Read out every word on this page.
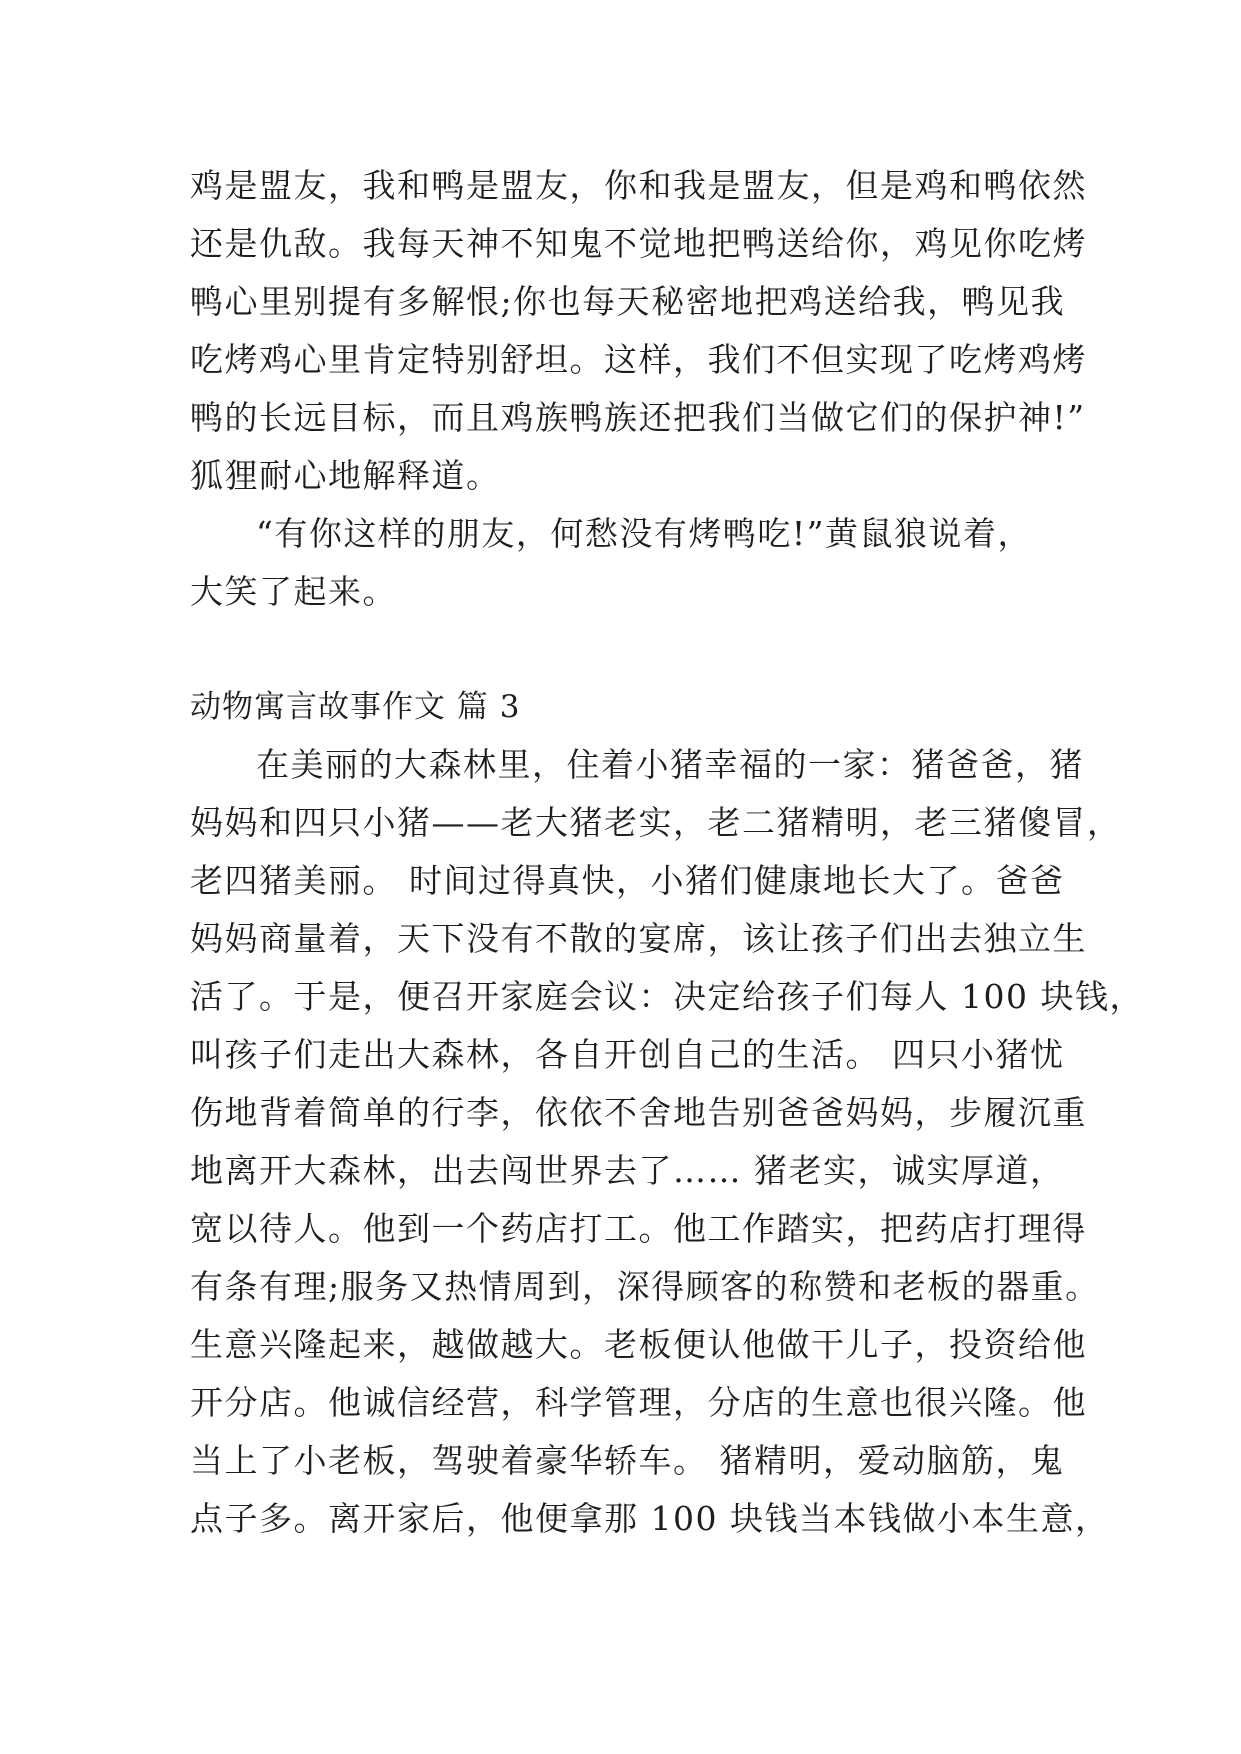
鸡是盟友，我和鸭是盟友，你和我是盟友，但是鸡和鸭依然
还是仇敌。我每天神不知鬼不觉地把鸭送给你，鸡见你吃烤
鸭心里别提有多解恨;你也每天秘密地把鸡送给我，鸭见我
吃烤鸡心里肯定特别舒坦。这样，我们不但实现了吃烤鸡烤
鸭的长远目标，而且鸡族鸭族还把我们当做它们的保护神!”
狐狸耐心地解释道。
“有你这样的朋友，何愁没有烤鸭吃!”黄鼠狼说着，
大笑了起来。
动物寓言故事作文 篇 3
在美丽的大森林里，住着小猪幸福的一家：猪爸爸，猪
妈妈和四只小猪——老大猪老实，老二猪精明，老三猪傻冒，
老四猪美丽。 时间过得真快，小猪们健康地长大了。爸爸
妈妈商量着，天下没有不散的宴席，该让孩子们出去独立生
活了。于是，便召开家庭会议：决定给孩子们每人 100 块钱，
叫孩子们走出大森林，各自开创自己的生活。 四只小猪忧
伤地背着简单的行李，依依不舍地告别爸爸妈妈，步履沉重
地离开大森林，出去闯世界去了…… 猪老实，诚实厚道，
宽以待人。他到一个药店打工。他工作踏实，把药店打理得
有条有理;服务又热情周到，深得顾客的称赞和老板的器重。
生意兴隆起来，越做越大。老板便认他做干儿子，投资给他
开分店。他诚信经营，科学管理，分店的生意也很兴隆。他
当上了小老板，驾驶着豪华轿车。 猪精明，爱动脑筋，鬼
点子多。离开家后，他便拿那 100 块钱当本钱做小本生意，
